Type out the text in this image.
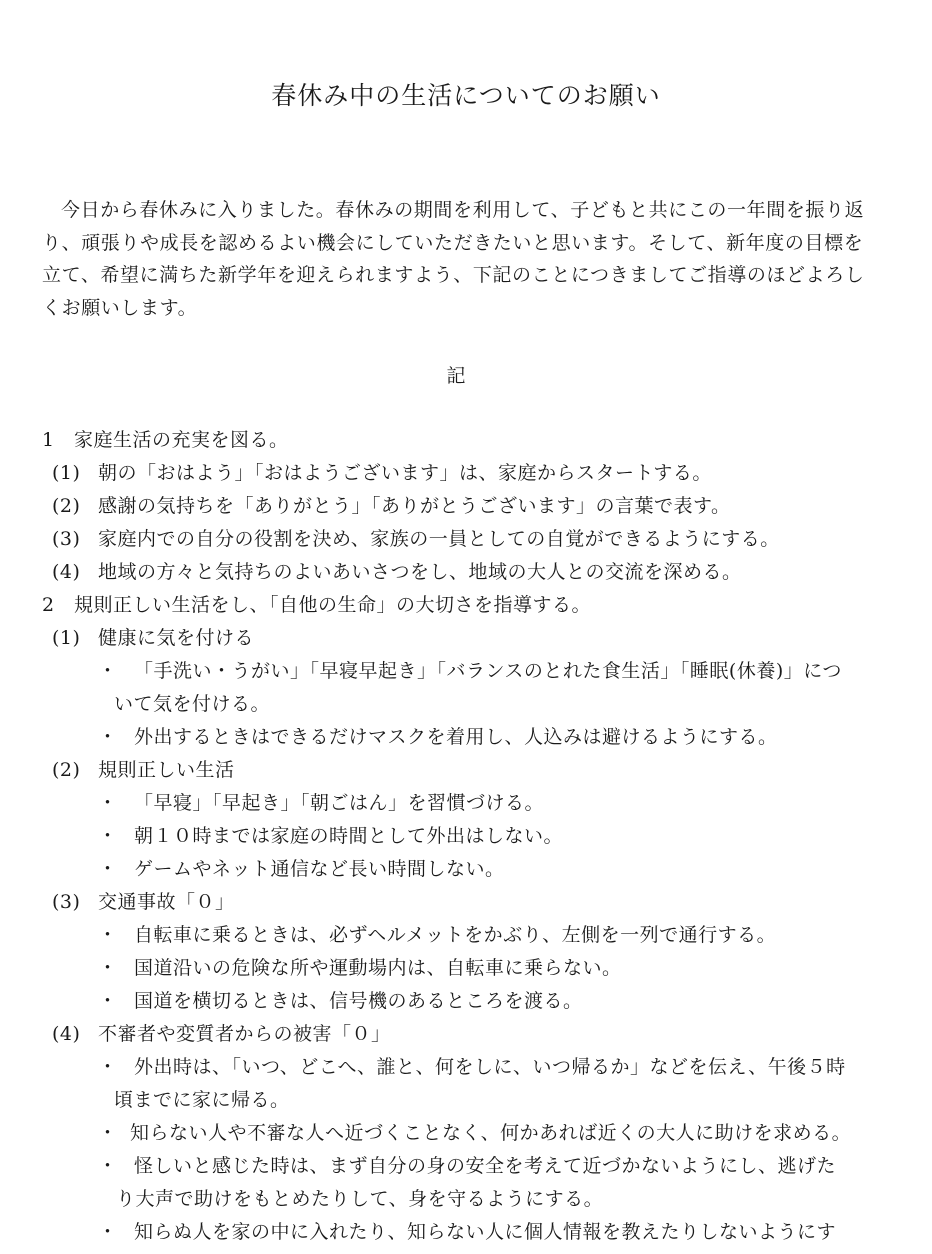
春休み中の生活についてのお願い
今日から春休みに入りました。春休みの期間を利用して、子どもと共にこの一年間を振り返り、頑張りや成長を認めるよい機会にしていただきたいと思います。そして、新年度の目標を立て、希望に満ちた新学年を迎えられますよう、下記のことにつきましてご指導のほどよろしくお願いします。
記
1 家庭生活の充実を図る。
(1) 朝の「おはよう」「おはようございます」は、家庭からスタートする。
(2) 感謝の気持ちを「ありがとう」「ありがとうございます」の言葉で表す。
(3) 家庭内での自分の役割を決め、家族の一員としての自覚ができるようにする。
(4) 地域の方々と気持ちのよいあいさつをし、地域の大人との交流を深める。
2 規則正しい生活をし、「自他の生命」の大切さを指導する。
(1) 健康に気を付ける
・ 「手洗い・うがい」「早寝早起き」「バランスのとれた食生活」「睡眠(休養)」につ
いて気を付ける。
・ 外出するときはできるだけマスクを着用し、人込みは避けるようにする。
(2) 規則正しい生活
・ 「早寝」「早起き」「朝ごはん」を習慣づける。
・ 朝１０時までは家庭の時間として外出はしない。
・ ゲームやネット通信など長い時間しない。
(3) 交通事故「０」
・ 自転車に乗るときは、必ずヘルメットをかぶり、左側を一列で通行する。
・ 国道沿いの危険な所や運動場内は、自転車に乗らない。
・ 国道を横切るときは、信号機のあるところを渡る。
(4) 不審者や変質者からの被害「０」
・ 外出時は、「いつ、どこへ、誰と、何をしに、いつ帰るか」などを伝え、午後５時
頃までに家に帰る。
・ 知らない人や不審な人へ近づくことなく、何かあれば近くの大人に助けを求める。
・ 怪しいと感じた時は、まず自分の身の安全を考えて近づかないようにし、逃げた
り大声で助けをもとめたりして、身を守るようにする。
・ 知らぬ人を家の中に入れたり、知らない人に個人情報を教えたりしないようにす
